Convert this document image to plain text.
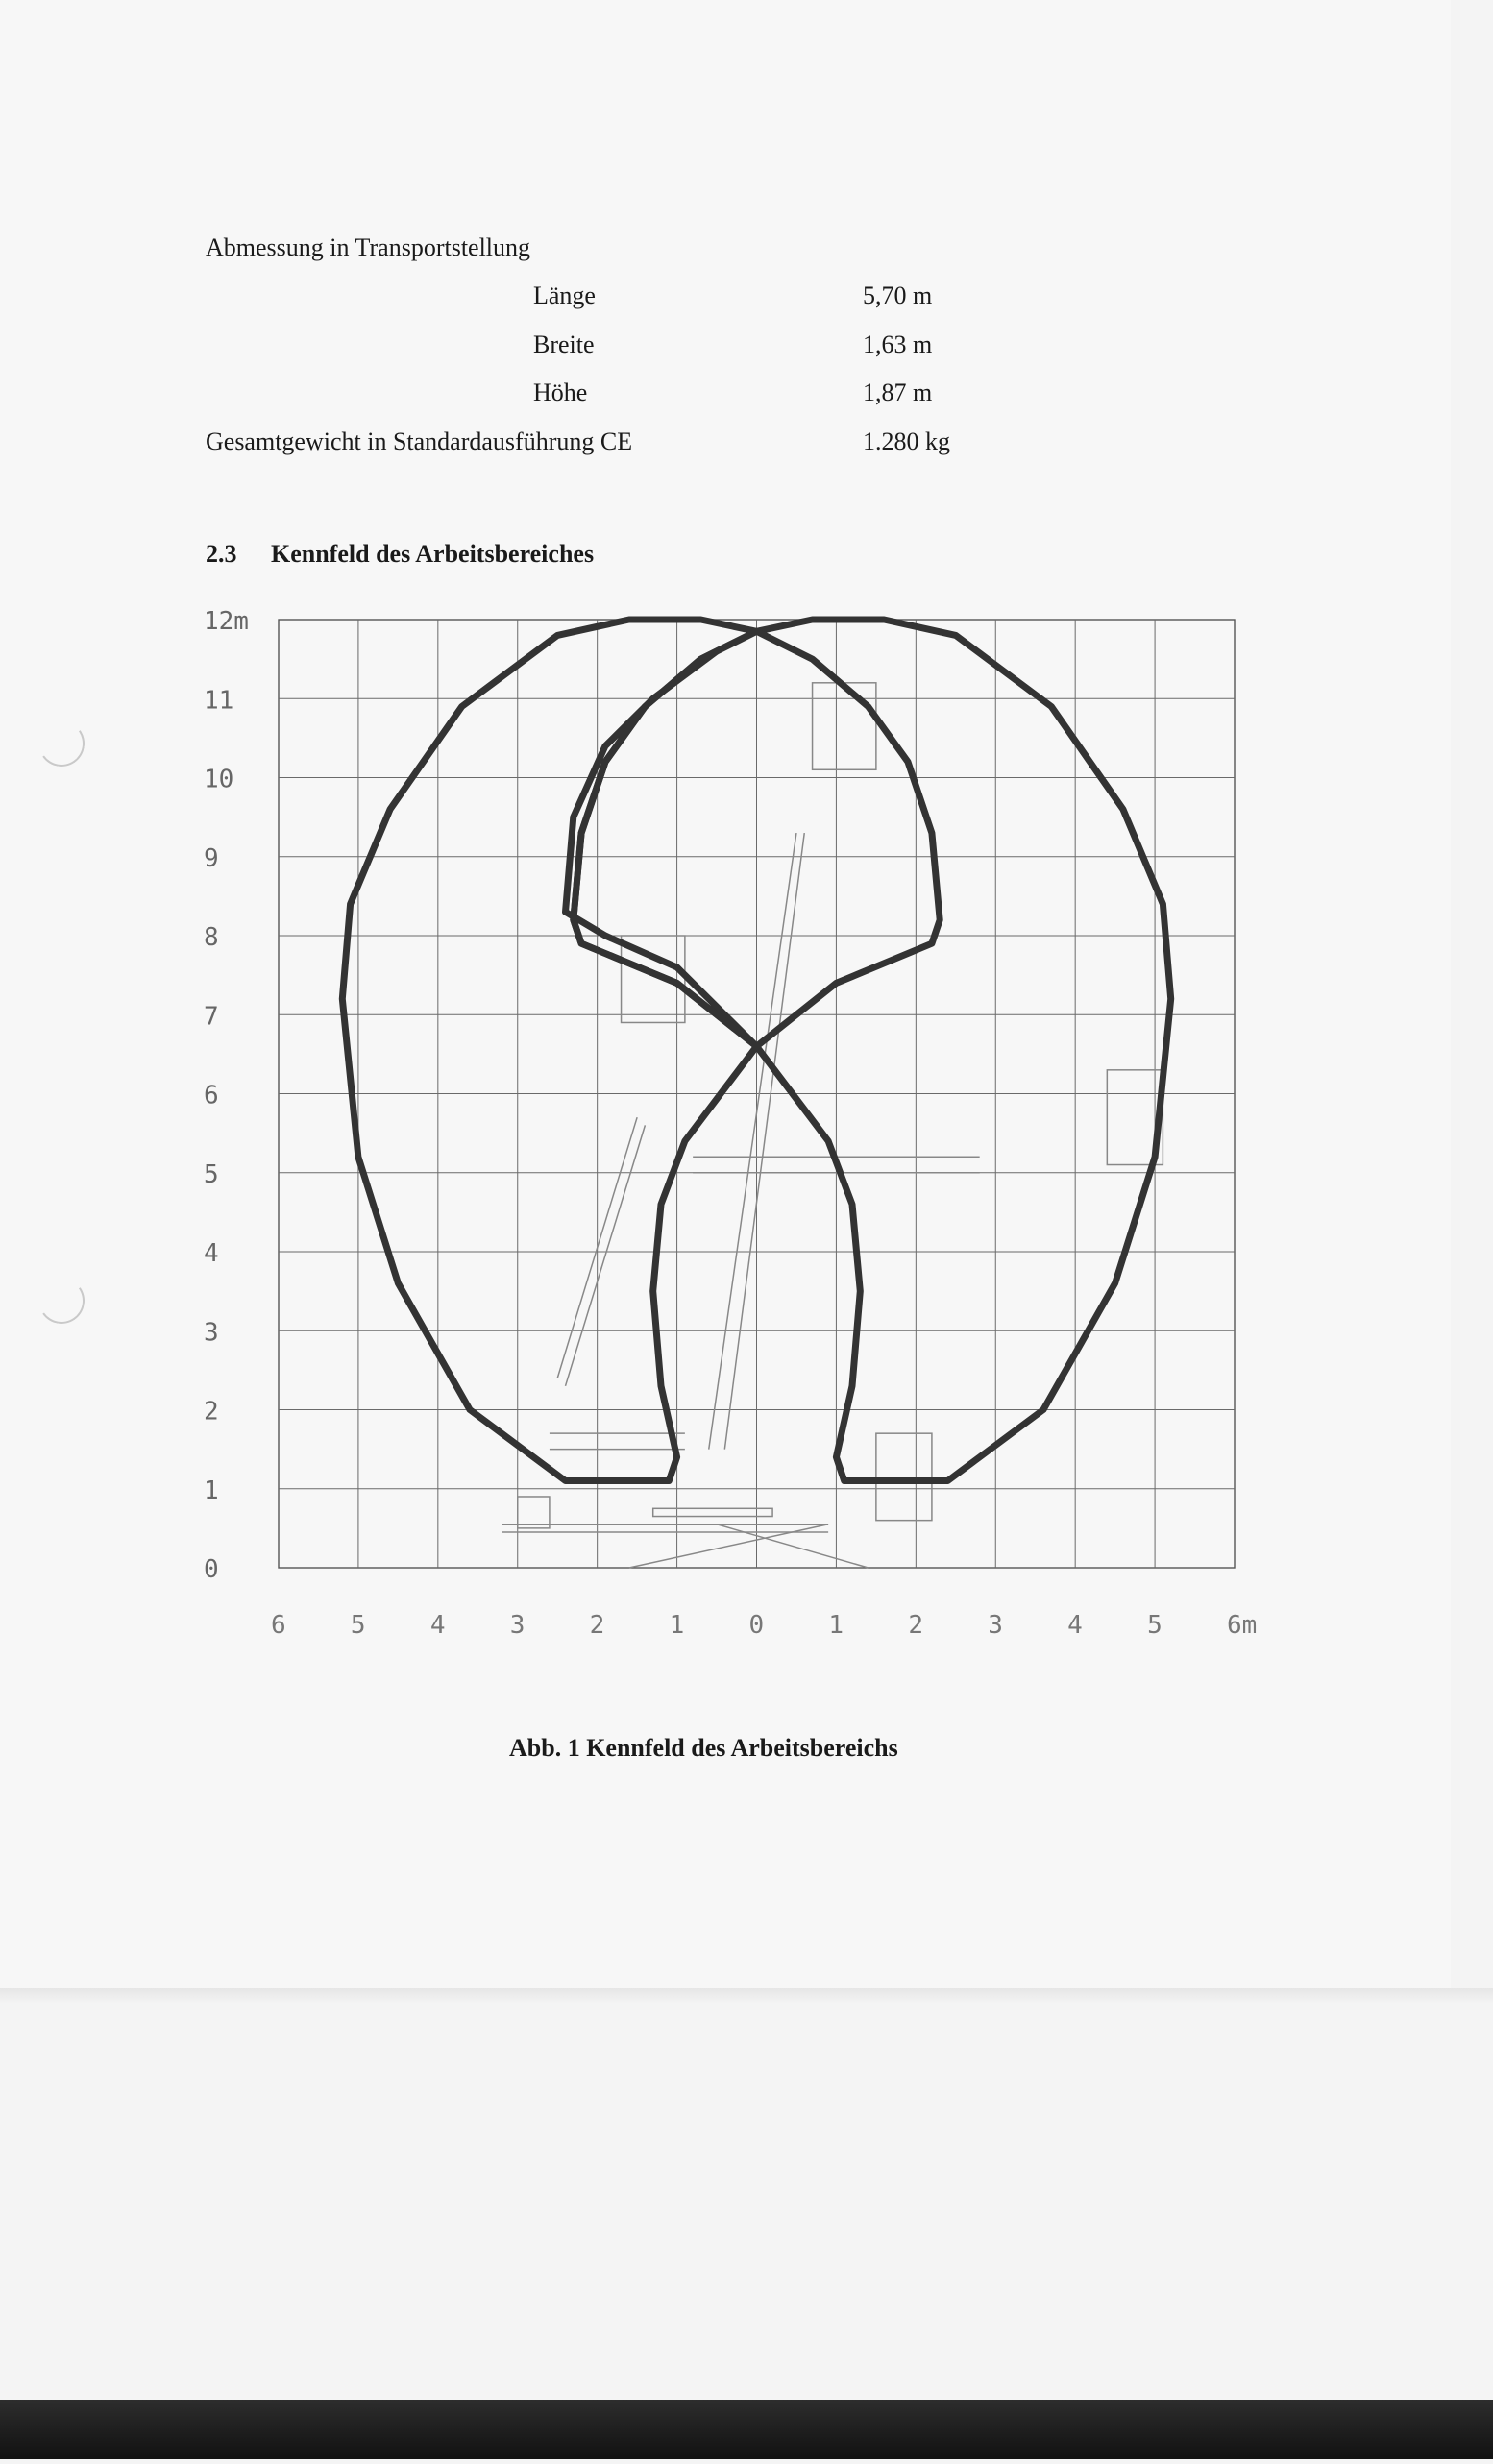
Abmessung in Transportstellung
Länge	5,70 m
Breite	1,63 m
Höhe	1,87 m
Gesamtgewicht in Standardausführung CE	1.280 kg
2.3 Kennfeld des Arbeitsbereiches
Abb. 1 Kennfeld des Arbeitsbereichs
0
1
2
3
4
5
6
7
8
9
10
11
12m
6	5	4	3	2	1	0	1	2	3	4	5	6m
